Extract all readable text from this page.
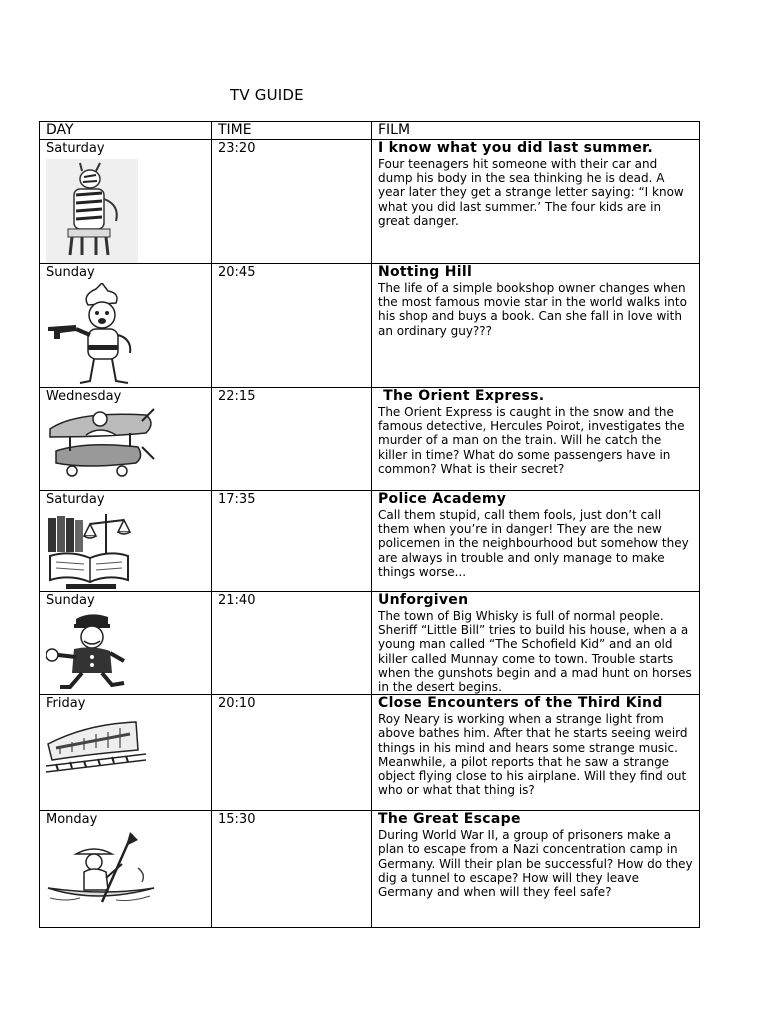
TV GUIDE
DAY	TIME	FILM

Saturday	23:20	I know what you did last summer.
Four teenagers hit someone with their car and dump his body in the sea thinking he is dead. A year later they get a strange letter saying: “I know what you did last summer.’ The four kids are in great danger.

Sunday	20:45	Notting Hill
The life of a simple bookshop owner changes when the most famous movie star in the world walks into his shop and buys a book. Can she fall in love with an ordinary guy???

Wednesday	22:15	The Orient Express.
The Orient Express is caught in the snow and the famous detective, Hercules Poirot, investigates the murder of a man on the train. Will he catch the killer in time? What do some passengers have in common? What is their secret?

Saturday	17:35	Police Academy
Call them stupid, call them fools, just don’t call them when you’re in danger! They are the new policemen in the neighbourhood but somehow they are always in trouble and only manage to make things worse...

Sunday	21:40	Unforgiven
The town of Big Whisky is full of normal people. Sheriff “Little Bill” tries to build his house, when a a young man called “The Schofield Kid” and an old killer called Munnay come to town. Trouble starts when the gunshots begin and a mad hunt on horses in the desert begins.

Friday	20:10	Close Encounters of the Third Kind
Roy Neary is working when a strange light from above bathes him. After that he starts seeing weird things in his mind and hears some strange music. Meanwhile, a pilot reports that he saw a strange object flying close to his airplane. Will they find out who or what that thing is?

Monday	15:30	The Great Escape
During World War II, a group of prisoners make a plan to escape from a Nazi concentration camp in Germany. Will their plan be successful? How do they dig a tunnel to escape? How will they leave Germany and when will they feel safe?
